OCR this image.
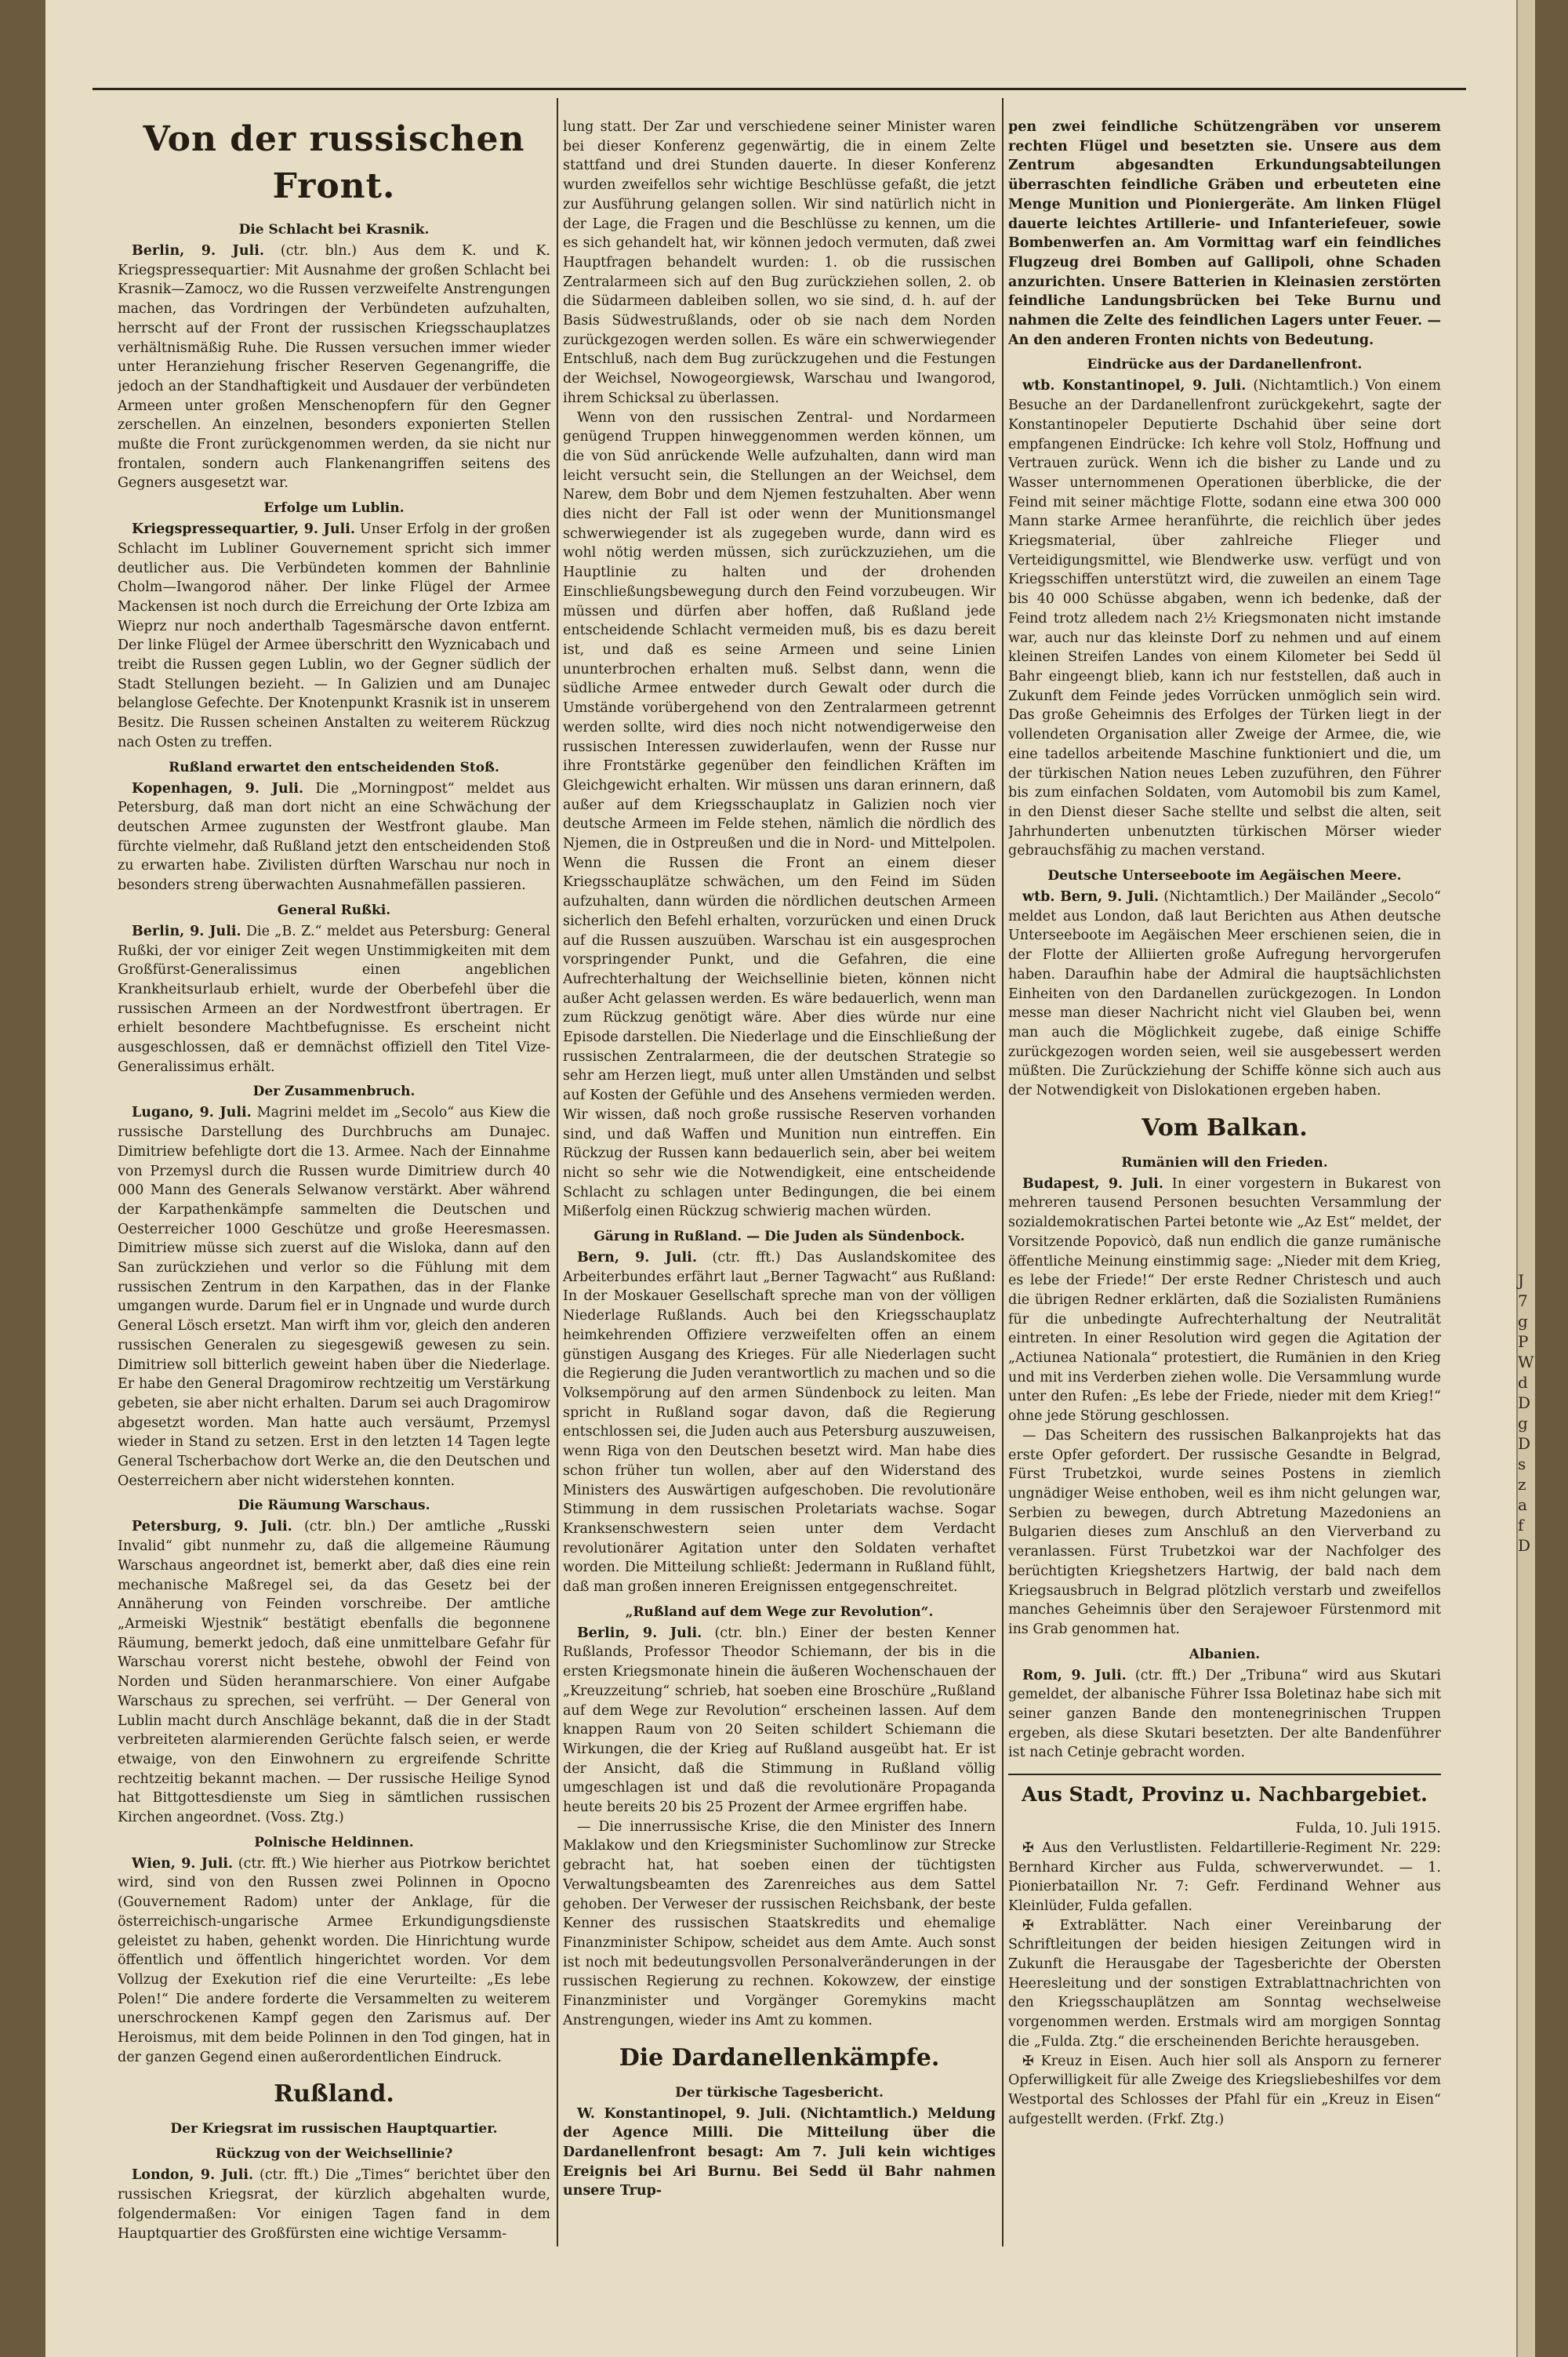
Von der russischen Front.
Die Schlacht bei Krasnik.

Berlin, 9. Juli. (ctr. bln.) Aus dem K. und K. Kriegspressequartier: Mit Ausnahme der großen Schlacht bei Krasnik—Zamocz, wo die Russen verzweifelte Anstrengungen machen, das Vordringen der Verbündeten aufzuhalten, herrscht auf der Front der russischen Kriegsschauplatzes verhältnismäßig Ruhe. Die Russen versuchen immer wieder unter Heranziehung frischer Reserven Gegenangriffe, die jedoch an der Standhaftigkeit und Ausdauer der verbündeten Armeen unter großen Menschenopfern für den Gegner zerschellen. An einzelnen, besonders exponierten Stellen mußte die Front zurückgenommen werden, da sie nicht nur frontalen, sondern auch Flankenangriffen seitens des Gegners ausgesetzt war.

Erfolge um Lublin.

Kriegspressequartier, 9. Juli. Unser Erfolg in der großen Schlacht im Lubliner Gouvernement spricht sich immer deutlicher aus. Die Verbündeten kommen der Bahnlinie Cholm—Iwangorod näher. Der linke Flügel der Armee Mackensen ist noch durch die Erreichung der Orte Izbiza am Wieprz nur noch anderthalb Tagesmärsche davon entfernt. Der linke Flügel der Armee überschritt den Wyznicabach und treibt die Russen gegen Lublin, wo der Gegner südlich der Stadt Stellungen bezieht. — In Galizien und am Dunajec belanglose Gefechte. Der Knotenpunkt Krasnik ist in unserem Besitz. Die Russen scheinen Anstalten zu weiterem Rückzug nach Osten zu treffen.

Rußland erwartet den entscheidenden Stoß.

Kopenhagen, 9. Juli. Die „Morningpost“ meldet aus Petersburg, daß man dort nicht an eine Schwächung der deutschen Armee zugunsten der Westfront glaube. Man fürchte vielmehr, daß Rußland jetzt den entscheidenden Stoß zu erwarten habe. Zivilisten dürften Warschau nur noch in besonders streng überwachten Ausnahmefällen passieren.

General Rußki.

Berlin, 9. Juli. Die „B. Z.“ meldet aus Petersburg: General Rußki, der vor einiger Zeit wegen Unstimmigkeiten mit dem Großfürst-Generalissimus einen angeblichen Krankheitsurlaub erhielt, wurde der Oberbefehl über die russischen Armeen an der Nordwestfront übertragen. Er erhielt besondere Machtbefugnisse. Es erscheint nicht ausgeschlossen, daß er demnächst offiziell den Titel Vize-Generalissimus erhält.

Der Zusammenbruch.

Lugano, 9. Juli. Magrini meldet im „Secolo“ aus Kiew die russische Darstellung des Durchbruchs am Dunajec. Dimitriew befehligte dort die 13. Armee. Nach der Einnahme von Przemysl durch die Russen wurde Dimitriew durch 40 000 Mann des Generals Selwanow verstärkt. Aber während der Karpathenkämpfe sammelten die Deutschen und Oesterreicher 1000 Geschütze und große Heeresmassen. Dimitriew müsse sich zuerst auf die Wisloka, dann auf den San zurückziehen und verlor so die Fühlung mit dem russischen Zentrum in den Karpathen, das in der Flanke umgangen wurde. Darum fiel er in Ungnade und wurde durch General Lösch ersetzt. Man wirft ihm vor, gleich den anderen russischen Generalen zu siegesgewiß gewesen zu sein. Dimitriew soll bitterlich geweint haben über die Niederlage. Er habe den General Dragomirow rechtzeitig um Verstärkung gebeten, sie aber nicht erhalten. Darum sei auch Dragomirow abgesetzt worden. Man hatte auch versäumt, Przemysl wieder in Stand zu setzen. Erst in den letzten 14 Tagen legte General Tscherbachow dort Werke an, die den Deutschen und Oesterreichern aber nicht widerstehen konnten.

Die Räumung Warschaus.

Petersburg, 9. Juli. (ctr. bln.) Der amtliche „Russki Invalid“ gibt nunmehr zu, daß die allgemeine Räumung Warschaus angeordnet ist, bemerkt aber, daß dies eine rein mechanische Maßregel sei, da das Gesetz bei der Annäherung von Feinden vorschreibe. Der amtliche „Armeiski Wjestnik“ bestätigt ebenfalls die begonnene Räumung, bemerkt jedoch, daß eine unmittelbare Gefahr für Warschau vorerst nicht bestehe, obwohl der Feind von Norden und Süden heranmarschiere. Von einer Aufgabe Warschaus zu sprechen, sei verfrüht. — Der General von Lublin macht durch Anschläge bekannt, daß die in der Stadt verbreiteten alarmierenden Gerüchte falsch seien, er werde etwaige, von den Einwohnern zu ergreifende Schritte rechtzeitig bekannt machen. — Der russische Heilige Synod hat Bittgottesdienste um Sieg in sämtlichen russischen Kirchen angeordnet. (Voss. Ztg.)

Polnische Heldinnen.

Wien, 9. Juli. (ctr. fft.) Wie hierher aus Piotrkow berichtet wird, sind von den Russen zwei Polinnen in Opocno (Gouvernement Radom) unter der Anklage, für die österreichisch-ungarische Armee Erkundigungsdienste geleistet zu haben, gehenkt worden. Die Hinrichtung wurde öffentlich und öffentlich hingerichtet worden. Vor dem Vollzug der Exekution rief die eine Verurteilte: „Es lebe Polen!“ Die andere forderte die Versammelten zu weiterem unerschrockenen Kampf gegen den Zarismus auf. Der Heroismus, mit dem beide Polinnen in den Tod gingen, hat in der ganzen Gegend einen außerordentlichen Eindruck.

Rußland.
Der Kriegsrat im russischen Hauptquartier.
Rückzug von der Weichsellinie?

London, 9. Juli. (ctr. fft.) Die „Times“ berichtet über den russischen Kriegsrat, der kürzlich abgehalten wurde, folgendermaßen: Vor einigen Tagen fand in dem Hauptquartier des Großfürsten eine wichtige Versamm-

lung statt. Der Zar und verschiedene seiner Minister waren bei dieser Konferenz gegenwärtig, die in einem Zelte stattfand und drei Stunden dauerte. In dieser Konferenz wurden zweifellos sehr wichtige Beschlüsse gefaßt, die jetzt zur Ausführung gelangen sollen. Wir sind natürlich nicht in der Lage, die Fragen und die Beschlüsse zu kennen, um die es sich gehandelt hat, wir können jedoch vermuten, daß zwei Hauptfragen behandelt wurden: 1. ob die russischen Zentralarmeen sich auf den Bug zurückziehen sollen, 2. ob die Südarmeen dableiben sollen, wo sie sind, d. h. auf der Basis Südwestrußlands, oder ob sie nach dem Norden zurückgezogen werden sollen. Es wäre ein schwerwiegender Entschluß, nach dem Bug zurückzugehen und die Festungen der Weichsel, Nowogeorgiewsk, Warschau und Iwangorod, ihrem Schicksal zu überlassen.

Wenn von den russischen Zentral- und Nordarmeen genügend Truppen hinweggenommen werden können, um die von Süd anrückende Welle aufzuhalten, dann wird man leicht versucht sein, die Stellungen an der Weichsel, dem Narew, dem Bobr und dem Njemen festzuhalten. Aber wenn dies nicht der Fall ist oder wenn der Munitionsmangel schwerwiegender ist als zugegeben wurde, dann wird es wohl nötig werden müssen, sich zurückzuziehen, um die Hauptlinie zu halten und der drohenden Einschließungsbewegung durch den Feind vorzubeugen. Wir müssen und dürfen aber hoffen, daß Rußland jede entscheidende Schlacht vermeiden muß, bis es dazu bereit ist, und daß es seine Armeen und seine Linien ununterbrochen erhalten muß. Selbst dann, wenn die südliche Armee entweder durch Gewalt oder durch die Umstände vorübergehend von den Zentralarmeen getrennt werden sollte, wird dies noch nicht notwendigerweise den russischen Interessen zuwiderlaufen, wenn der Russe nur ihre Frontstärke gegenüber den feindlichen Kräften im Gleichgewicht erhalten. Wir müssen uns daran erinnern, daß außer auf dem Kriegsschauplatz in Galizien noch vier deutsche Armeen im Felde stehen, nämlich die nördlich des Njemen, die in Ostpreußen und die in Nord- und Mittelpolen. Wenn die Russen die Front an einem dieser Kriegsschauplätze schwächen, um den Feind im Süden aufzuhalten, dann würden die nördlichen deutschen Armeen sicherlich den Befehl erhalten, vorzurücken und einen Druck auf die Russen auszuüben. Warschau ist ein ausgesprochen vorspringender Punkt, und die Gefahren, die eine Aufrechterhaltung der Weichsellinie bieten, können nicht außer Acht gelassen werden. Es wäre bedauerlich, wenn man zum Rückzug genötigt wäre. Aber dies würde nur eine Episode darstellen. Die Niederlage und die Einschließung der russischen Zentralarmeen, die der deutschen Strategie so sehr am Herzen liegt, muß unter allen Umständen und selbst auf Kosten der Gefühle und des Ansehens vermieden werden. Wir wissen, daß noch große russische Reserven vorhanden sind, und daß Waffen und Munition nun eintreffen. Ein Rückzug der Russen kann bedauerlich sein, aber bei weitem nicht so sehr wie die Notwendigkeit, eine entscheidende Schlacht zu schlagen unter Bedingungen, die bei einem Mißerfolg einen Rückzug schwierig machen würden.

Gärung in Rußland. — Die Juden als Sündenbock.

Bern, 9. Juli. (ctr. fft.) Das Auslandskomitee des Arbeiterbundes erfährt laut „Berner Tagwacht“ aus Rußland: In der Moskauer Gesellschaft spreche man von der völligen Niederlage Rußlands. Auch bei den Kriegsschauplatz heimkehrenden Offiziere verzweifelten offen an einem günstigen Ausgang des Krieges. Für alle Niederlagen sucht die Regierung die Juden verantwortlich zu machen und so die Volksempörung auf den armen Sündenbock zu leiten. Man spricht in Rußland sogar davon, daß die Regierung entschlossen sei, die Juden auch aus Petersburg auszuweisen, wenn Riga von den Deutschen besetzt wird. Man habe dies schon früher tun wollen, aber auf den Widerstand des Ministers des Auswärtigen aufgeschoben. Die revolutionäre Stimmung in dem russischen Proletariats wachse. Sogar Kranksenschwestern seien unter dem Verdacht revolutionärer Agitation unter den Soldaten verhaftet worden. Die Mitteilung schließt: Jedermann in Rußland fühlt, daß man großen inneren Ereignissen entgegenschreitet.

„Rußland auf dem Wege zur Revolution“.

Berlin, 9. Juli. (ctr. bln.) Einer der besten Kenner Rußlands, Professor Theodor Schiemann, der bis in die ersten Kriegsmonate hinein die äußeren Wochenschauen der „Kreuzzeitung“ schrieb, hat soeben eine Broschüre „Rußland auf dem Wege zur Revolution“ erscheinen lassen. Auf dem knappen Raum von 20 Seiten schildert Schiemann die Wirkungen, die der Krieg auf Rußland ausgeübt hat. Er ist der Ansicht, daß die Stimmung in Rußland völlig umgeschlagen ist und daß die revolutionäre Propaganda heute bereits 20 bis 25 Prozent der Armee ergriffen habe.

— Die innerrussische Krise, die den Minister des Innern Maklakow und den Kriegsminister Suchomlinow zur Strecke gebracht hat, hat soeben einen der tüchtigsten Verwaltungsbeamten des Zarenreiches aus dem Sattel gehoben. Der Verweser der russischen Reichsbank, der beste Kenner des russischen Staatskredits und ehemalige Finanzminister Schipow, scheidet aus dem Amte. Auch sonst ist noch mit bedeutungsvollen Personalveränderungen in der russischen Regierung zu rechnen. Kokowzew, der einstige Finanzminister und Vorgänger Goremykins macht Anstrengungen, wieder ins Amt zu kommen.

Die Dardanellenkämpfe.
Der türkische Tagesbericht.

W. Konstantinopel, 9. Juli. (Nichtamtlich.) Meldung der Agence Milli. Die Mitteilung über die Dardanellenfront besagt: Am 7. Juli kein wichtiges Ereignis bei Ari Burnu. Bei Sedd ül Bahr nahmen unsere Trup-

pen zwei feindliche Schützengräben vor unserem rechten Flügel und besetzten sie. Unsere aus dem Zentrum abgesandten Erkundungsabteilungen überraschten feindliche Gräben und erbeuteten eine Menge Munition und Pioniergeräte. Am linken Flügel dauerte leichtes Artillerie- und Infanteriefeuer, sowie Bombenwerfen an. Am Vormittag warf ein feindliches Flugzeug drei Bomben auf Gallipoli, ohne Schaden anzurichten. Unsere Batterien in Kleinasien zerstörten feindliche Landungsbrücken bei Teke Burnu und nahmen die Zelte des feindlichen Lagers unter Feuer. — An den anderen Fronten nichts von Bedeutung.

Eindrücke aus der Dardanellenfront.

wtb. Konstantinopel, 9. Juli. (Nichtamtlich.) Von einem Besuche an der Dardanellenfront zurückgekehrt, sagte der Konstantinopeler Deputierte Dschahid über seine dort empfangenen Eindrücke: Ich kehre voll Stolz, Hoffnung und Vertrauen zurück. Wenn ich die bisher zu Lande und zu Wasser unternommenen Operationen überblicke, die der Feind mit seiner mächtige Flotte, sodann eine etwa 300 000 Mann starke Armee heranführte, die reichlich über jedes Kriegsmaterial, über zahlreiche Flieger und Verteidigungsmittel, wie Blendwerke usw. verfügt und von Kriegsschiffen unterstützt wird, die zuweilen an einem Tage bis 40 000 Schüsse abgaben, wenn ich bedenke, daß der Feind trotz alledem nach 2½ Kriegsmonaten nicht imstande war, auch nur das kleinste Dorf zu nehmen und auf einem kleinen Streifen Landes von einem Kilometer bei Sedd ül Bahr eingeengt blieb, kann ich nur feststellen, daß auch in Zukunft dem Feinde jedes Vorrücken unmöglich sein wird. Das große Geheimnis des Erfolges der Türken liegt in der vollendeten Organisation aller Zweige der Armee, die, wie eine tadellos arbeitende Maschine funktioniert und die, um der türkischen Nation neues Leben zuzuführen, den Führer bis zum einfachen Soldaten, vom Automobil bis zum Kamel, in den Dienst dieser Sache stellte und selbst die alten, seit Jahrhunderten unbenutzten türkischen Mörser wieder gebrauchsfähig zu machen verstand.

Deutsche Unterseeboote im Aegäischen Meere.

wtb. Bern, 9. Juli. (Nichtamtlich.) Der Mailänder „Secolo“ meldet aus London, daß laut Berichten aus Athen deutsche Unterseeboote im Aegäischen Meer erschienen seien, die in der Flotte der Alliierten große Aufregung hervorgerufen haben. Daraufhin habe der Admiral die hauptsächlichsten Einheiten von den Dardanellen zurückgezogen. In London messe man dieser Nachricht nicht viel Glauben bei, wenn man auch die Möglichkeit zugebe, daß einige Schiffe zurückgezogen worden seien, weil sie ausgebessert werden müßten. Die Zurückziehung der Schiffe könne sich auch aus der Notwendigkeit von Dislokationen ergeben haben.

Vom Balkan.
Rumänien will den Frieden.

Budapest, 9. Juli. In einer vorgestern in Bukarest von mehreren tausend Personen besuchten Versammlung der sozialdemokratischen Partei betonte wie „Az Est“ meldet, der Vorsitzende Popovicò, daß nun endlich die ganze rumänische öffentliche Meinung einstimmig sage: „Nieder mit dem Krieg, es lebe der Friede!“ Der erste Redner Christesch und auch die übrigen Redner erklärten, daß die Sozialisten Rumäniens für die unbedingte Aufrechterhaltung der Neutralität eintreten. In einer Resolution wird gegen die Agitation der „Actiunea Nationala“ protestiert, die Rumänien in den Krieg und mit ins Verderben ziehen wolle. Die Versammlung wurde unter den Rufen: „Es lebe der Friede, nieder mit dem Krieg!“ ohne jede Störung geschlossen.

— Das Scheitern des russischen Balkanprojekts hat das erste Opfer gefordert. Der russische Gesandte in Belgrad, Fürst Trubetzkoi, wurde seines Postens in ziemlich ungnädiger Weise enthoben, weil es ihm nicht gelungen war, Serbien zu bewegen, durch Abtretung Mazedoniens an Bulgarien dieses zum Anschluß an den Vierverband zu veranlassen. Fürst Trubetzkoi war der Nachfolger des berüchtigten Kriegshetzers Hartwig, der bald nach dem Kriegsausbruch in Belgrad plötzlich verstarb und zweifellos manches Geheimnis über den Serajewoer Fürstenmord mit ins Grab genommen hat.

Albanien.

Rom, 9. Juli. (ctr. fft.) Der „Tribuna“ wird aus Skutari gemeldet, der albanische Führer Issa Boletinaz habe sich mit seiner ganzen Bande den montenegrinischen Truppen ergeben, als diese Skutari besetzten. Der alte Bandenführer ist nach Cetinje gebracht worden.

Aus Stadt, Provinz u. Nachbargebiet.

Fulda, 10. Juli 1915.

✠ Aus den Verlustlisten. Feldartillerie-Regiment Nr. 229: Bernhard Kircher aus Fulda, schwerverwundet. — 1. Pionierbataillon Nr. 7: Gefr. Ferdinand Wehner aus Kleinlüder, Fulda gefallen.

✠ Extrablätter. Nach einer Vereinbarung der Schriftleitungen der beiden hiesigen Zeitungen wird in Zukunft die Herausgabe der Tagesberichte der Obersten Heeresleitung und der sonstigen Extrablattnachrichten von den Kriegsschauplätzen am Sonntag wechselweise vorgenommen werden. Erstmals wird am morgigen Sonntag die „Fulda. Ztg.“ die erscheinenden Berichte herausgeben.

✠ Kreuz in Eisen. Auch hier soll als Ansporn zu fernerer Opferwilligkeit für alle Zweige des Kriegsliebeshilfes vor dem Westportal des Schlosses der Pfahl für ein „Kreuz in Eisen“ aufgestellt werden. (Frkf. Ztg.)

J 7 g P W d D g D s z a f D
